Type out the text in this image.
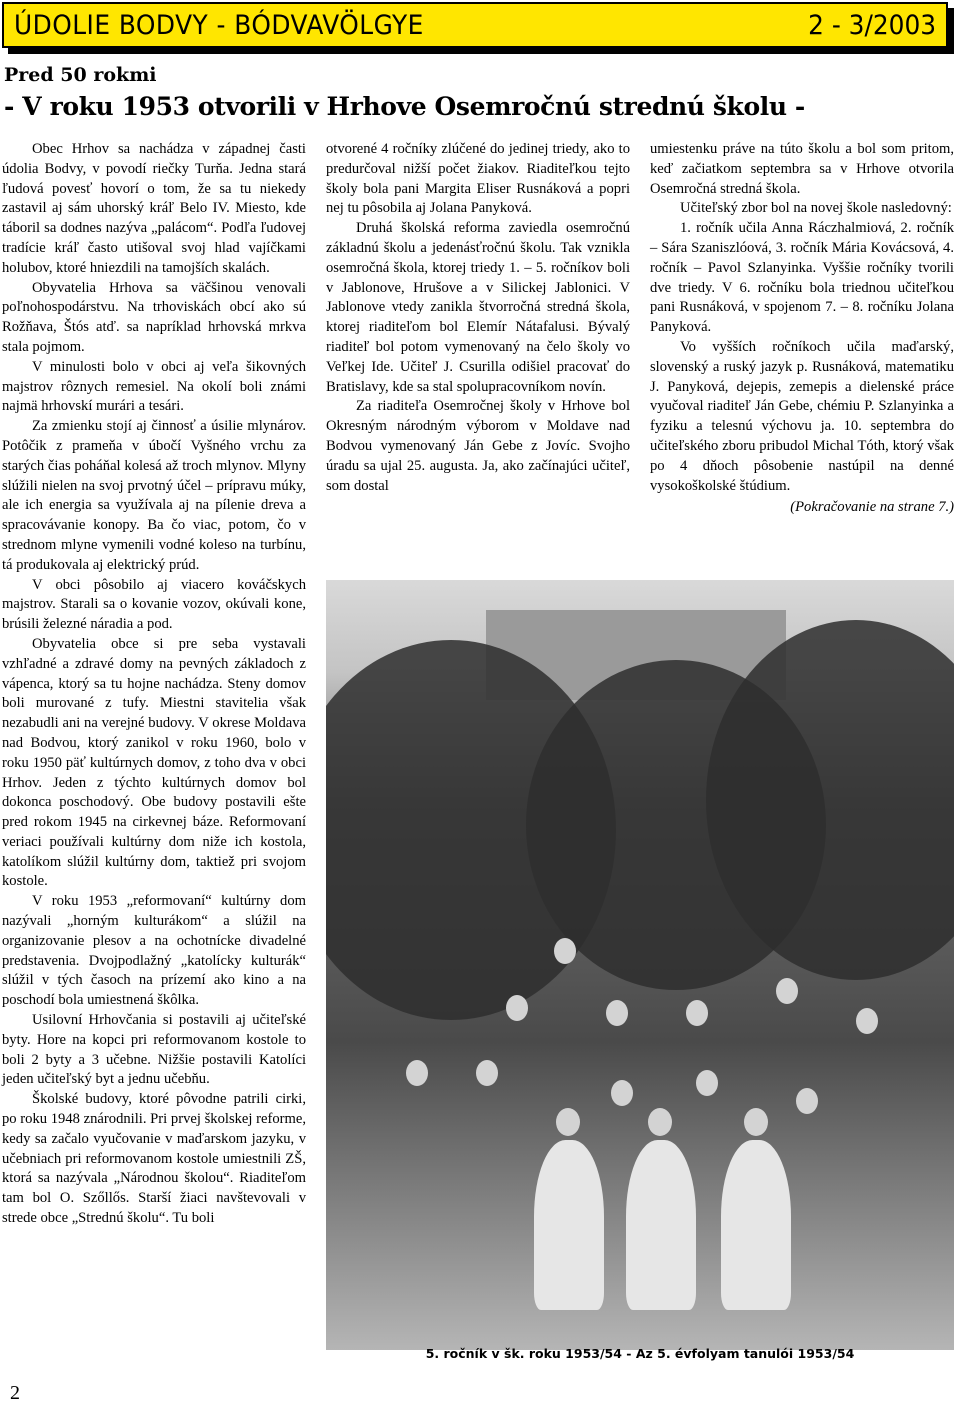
ÚDOLIE BODVY - BÓDVAVÖLGYE	2 - 3/2003
Pred 50 rokmi
- V roku 1953 otvorili v Hrhove Osemročnú strednú školu -

Obec Hrhov sa nachádza v západnej časti údolia Bodvy, v povodí riečky Turňa. Jedna stará ľudová povesť hovorí o tom, že sa tu niekedy zastavil aj sám uhorský kráľ Belo IV. Miesto, kde táboril sa dodnes nazýva „palácom“. Podľa ľudovej tradície kráľ často utišoval svoj hlad vajíčkami holubov, ktoré hniezdili na tamojších skalách.

Obyvatelia Hrhova sa väčšinou venovali poľnohospodárstvu. Na trhoviskách obcí ako sú Rožňava, Štós atď. sa napríklad hrhovská mrkva stala pojmom.

V minulosti bolo v obci aj veľa šikovných majstrov rôznych remesiel. Na okolí boli známi najmä hrhovskí murári a tesári.

Za zmienku stojí aj činnosť a úsilie mlynárov. Potôčik z prameňa v úbočí Vyšného vrchu za starých čias poháňal kolesá až troch mlynov. Mlyny slúžili nielen na svoj prvotný účel – prípravu múky, ale ich energia sa využívala aj na pílenie dreva a spracovávanie konopy. Ba čo viac, potom, čo v strednom mlyne vymenili vodné koleso na turbínu, tá produkovala aj elektrický prúd.

V obci pôsobilo aj viacero kováčskych majstrov. Starali sa o kovanie vozov, okúvali kone, brúsili železné náradia a pod.

Obyvatelia obce si pre seba vystavali vzhľadné a zdravé domy na pevných základoch z vápenca, ktorý sa tu hojne nachádza. Steny domov boli murované z tufy. Miestni stavitelia však nezabudli ani na verejné budovy. V okrese Moldava nad Bodvou, ktorý zanikol v roku 1960, bolo v roku 1950 päť kultúrnych domov, z toho dva v obci Hrhov. Jeden z týchto kultúrnych domov bol dokonca poschodový. Obe budovy postavili ešte pred rokom 1945 na cirkevnej báze. Reformovaní veriaci používali kultúrny dom niže ich kostola, katolíkom slúžil kultúrny dom, taktiež pri svojom kostole.

V roku 1953 „reformovaní“ kultúrny dom nazývali „horným kulturákom“ a slúžil na organizovanie plesov a na ochotnícke divadelné predstavenia. Dvojpodlažný „katolícky kulturák“ slúžil v tých časoch na prízemí ako kino a na poschodí bola umiestnená škôlka.

Usilovní Hrhovčania si postavili aj učiteľské byty. Hore na kopci pri reformovanom kostole to boli 2 byty a 3 učebne. Nižšie postavili Katolíci jeden učiteľský byt a jednu učebňu.

Školské budovy, ktoré pôvodne patrili cirki, po roku 1948 znárodnili. Pri prvej školskej reforme, kedy sa začalo vyučovanie v maďarskom jazyku, v učebniach pri reformovanom kostole umiestnili ZŠ, ktorá sa nazývala „Národnou školou“. Riaditeľom tam bol O. Szőllős. Starší žiaci navštevovali v strede obce „Strednú školu“. Tu boli

otvorené 4 ročníky zlúčené do jedinej triedy, ako to predurčoval nižší počet žiakov. Riaditeľkou tejto školy bola pani Margita Eliser Rusnáková a popri nej tu pôsobila aj Jolana Panyková.

Druhá školská reforma zaviedla osemročnú základnú školu a jedenásťročnú školu. Tak vznikla osemročná škola, ktorej triedy 1. – 5. ročníkov boli v Jablonove, Hrušove a v Silickej Jablonici. V Jablonove vtedy zanikla štvorročná stredná škola, ktorej riaditeľom bol Elemír Nátafalusi. Bývalý riaditeľ bol potom vymenovaný na čelo školy vo Veľkej Ide. Učiteľ J. Csurilla odišiel pracovať do Bratislavy, kde sa stal spolupracovníkom novín.

Za riaditeľa Osemročnej školy v Hrhove bol Okresným národným výborom v Moldave nad Bodvou vymenovaný Ján Gebe z Jovíc. Svojho úradu sa ujal 25. augusta. Ja, ako začínajúci učiteľ, som dostal

umiestenku práve na túto školu a bol som pritom, keď začiatkom septembra sa v Hrhove otvorila Osemročná stredná škola.

Učiteľský zbor bol na novej škole nasledovný:

1. ročník učila Anna Ráczhalmiová, 2. ročník – Sára Szaniszlóová, 3. ročník Mária Kovácsová, 4. ročník – Pavol Szlanyinka. Vyššie ročníky tvorili dve triedy. V 6. ročníku bola triednou učiteľkou pani Rusnáková, v spojenom 7. – 8. ročníku Jolana Panyková.

Vo vyšších ročníkoch učila maďarský, slovenský a ruský jazyk p. Rusnáková, matematiku J. Panyková, dejepis, zemepis a dielenské práce vyučoval riaditeľ Ján Gebe, chémiu P. Szlanyinka a fyziku a telesnú výchovu ja. 10. septembra do učiteľského zboru pribudol Michal Tóth, ktorý však po 4 dňoch pôsobenie nastúpil na denné vysokoškolské štúdium.

(Pokračovanie na strane 7.)

5. ročník v šk. roku 1953/54 - Az 5. évfolyam tanulói 1953/54
2
